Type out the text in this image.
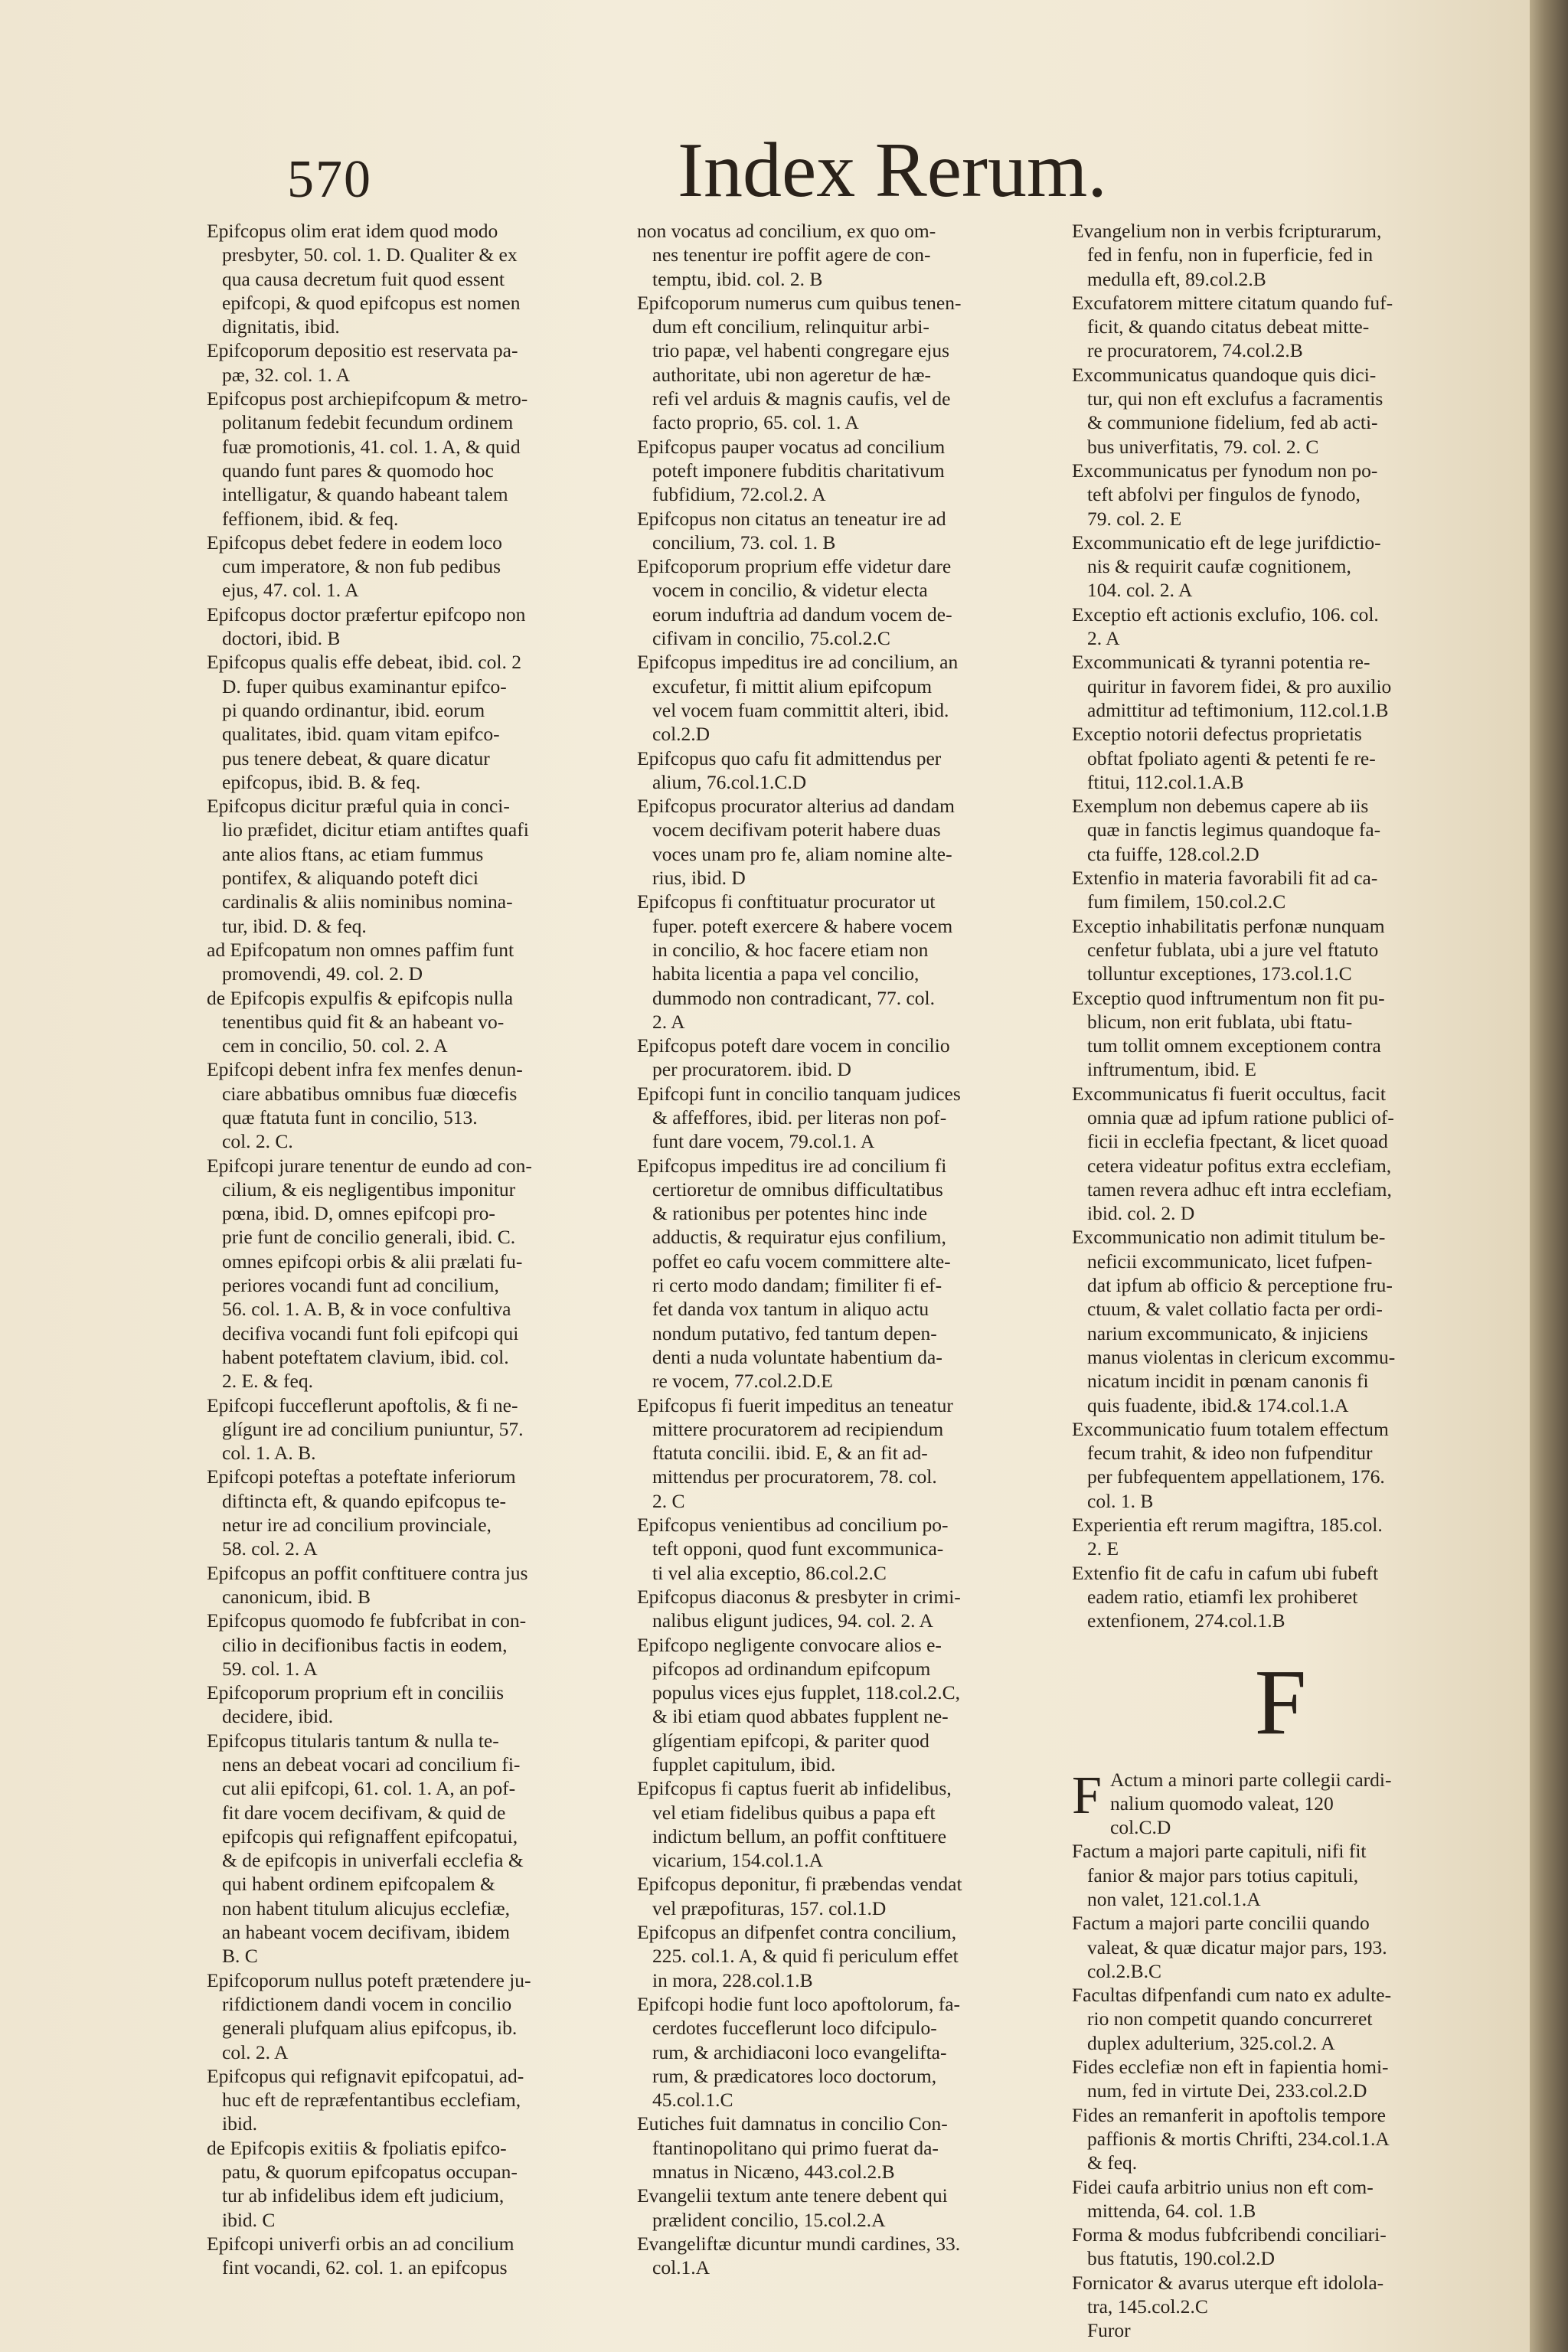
570	Index Rerum.

Epifcopus olim erat idem quod modo
presbyter, 50. col. 1. D. Qualiter & ex
qua causa decretum fuit quod essent
epifcopi, & quod epifcopus est nomen
dignitatis, ibid.

Epifcoporum depositio est reservata pa-
pæ, 32. col. 1. A

Epifcopus post archiepifcopum & metro-
politanum fedebit fecundum ordinem
fuæ promotionis, 41. col. 1. A, & quid
quando funt pares & quomodo hoc
intelligatur, & quando habeant talem
feffionem, ibid. & feq.

Epifcopus debet federe in eodem loco
cum imperatore, & non fub pedibus
ejus, 47. col. 1. A

Epifcopus doctor præfertur epifcopo non
doctori, ibid. B

Epifcopus qualis effe debeat, ibid. col. 2
D. fuper quibus examinantur epifco-
pi quando ordinantur, ibid. eorum
qualitates, ibid. quam vitam epifco-
pus tenere debeat, & quare dicatur
epifcopus, ibid. B. & feq.

Epifcopus dicitur præful quia in conci-
lio præfidet, dicitur etiam antiftes quafi
ante alios ftans, ac etiam fummus
pontifex, & aliquando poteft dici
cardinalis & aliis nominibus nomina-
tur, ibid. D. & feq.

ad Epifcopatum non omnes paffim funt
promovendi, 49. col. 2. D

de Epifcopis expulfis & epifcopis nulla
tenentibus quid fit & an habeant vo-
cem in concilio, 50. col. 2. A

Epifcopi debent infra fex menfes denun-
ciare abbatibus omnibus fuæ diœcefis
quæ ftatuta funt in concilio, 513.
col. 2. C.

Epifcopi jurare tenentur de eundo ad con-
cilium, & eis negligentibus imponitur
pœna, ibid. D, omnes epifcopi pro-
prie funt de concilio generali, ibid. C.
omnes epifcopi orbis & alii prælati fu-
periores vocandi funt ad concilium,
56. col. 1. A. B, & in voce confultiva
decifiva vocandi funt foli epifcopi qui
habent poteftatem clavium, ibid. col.
2. E. & feq.

Epifcopi fucceflerunt apoftolis, & fi ne-
glígunt ire ad concilium puniuntur, 57.
col. 1. A. B.

Epifcopi poteftas a poteftate inferiorum
diftincta eft, & quando epifcopus te-
netur ire ad concilium provinciale,
58. col. 2. A

Epifcopus an poffit conftituere contra jus
canonicum, ibid. B

Epifcopus quomodo fe fubfcribat in con-
cilio in decifionibus factis in eodem,
59. col. 1. A

Epifcoporum proprium eft in conciliis
decidere, ibid.

Epifcopus titularis tantum & nulla te-
nens an debeat vocari ad concilium fi-
cut alii epifcopi, 61. col. 1. A, an pof-
fit dare vocem decifivam, & quid de
epifcopis qui refignaffent epifcopatui,
& de epifcopis in univerfali ecclefia &
qui habent ordinem epifcopalem &
non habent titulum alicujus ecclefiæ,
an habeant vocem decifivam, ibidem
B. C

Epifcoporum nullus poteft prætendere ju-
rifdictionem dandi vocem in concilio
generali plufquam alius epifcopus, ib.
col. 2. A

Epifcopus qui refignavit epifcopatui, ad-
huc eft de repræfentantibus ecclefiam,
ibid.

de Epifcopis exitiis & fpoliatis epifco-
patu, & quorum epifcopatus occupan-
tur ab infidelibus idem eft judicium,
ibid. C

Epifcopi univerfi orbis an ad concilium
fint vocandi, 62. col. 1. an epifcopus

non vocatus ad concilium, ex quo om-
nes tenentur ire poffit agere de con-
temptu, ibid. col. 2. B

Epifcoporum numerus cum quibus tenen-
dum eft concilium, relinquitur arbi-
trio papæ, vel habenti congregare ejus
authoritate, ubi non ageretur de hæ-
refi vel arduis & magnis caufis, vel de
facto proprio, 65. col. 1. A

Epifcopus pauper vocatus ad concilium
poteft imponere fubditis charitativum
fubfidium, 72.col.2. A

Epifcopus non citatus an teneatur ire ad
concilium, 73. col. 1. B

Epifcoporum proprium effe videtur dare
vocem in concilio, & videtur electa
eorum induftria ad dandum vocem de-
cifivam in concilio, 75.col.2.C

Epifcopus impeditus ire ad concilium, an
excufetur, fi mittit alium epifcopum
vel vocem fuam committit alteri, ibid.
col.2.D

Epifcopus quo cafu fit admittendus per
alium, 76.col.1.C.D

Epifcopus procurator alterius ad dandam
vocem decifivam poterit habere duas
voces unam pro fe, aliam nomine alte-
rius, ibid. D

Epifcopus fi conftituatur procurator ut
fuper. poteft exercere & habere vocem
in concilio, & hoc facere etiam non
habita licentia a papa vel concilio,
dummodo non contradicant, 77. col.
2. A

Epifcopus poteft dare vocem in concilio
per procuratorem. ibid. D

Epifcopi funt in concilio tanquam judices
& affeffores, ibid. per literas non pof-
funt dare vocem, 79.col.1. A

Epifcopus impeditus ire ad concilium fi
certioretur de omnibus difficultatibus
& rationibus per potentes hinc inde
adductis, & requiratur ejus confilium,
poffet eo cafu vocem committere alte-
ri certo modo dandam; fimiliter fi ef-
fet danda vox tantum in aliquo actu
nondum putativo, fed tantum depen-
denti a nuda voluntate habentium da-
re vocem, 77.col.2.D.E

Epifcopus fi fuerit impeditus an teneatur
mittere procuratorem ad recipiendum
ftatuta concilii. ibid. E, & an fit ad-
mittendus per procuratorem, 78. col.
2. C

Epifcopus venientibus ad concilium po-
teft opponi, quod funt excommunica-
ti vel alia exceptio, 86.col.2.C

Epifcopus diaconus & presbyter in crimi-
nalibus eligunt judices, 94. col. 2. A

Epifcopo negligente convocare alios e-
pifcopos ad ordinandum epifcopum
populus vices ejus fupplet, 118.col.2.C,
& ibi etiam quod abbates fupplent ne-
glígentiam epifcopi, & pariter quod
fupplet capitulum, ibid.

Epifcopus fi captus fuerit ab infidelibus,
vel etiam fidelibus quibus a papa eft
indictum bellum, an poffit conftituere
vicarium, 154.col.1.A

Epifcopus deponitur, fi præbendas vendat
vel præpofituras, 157. col.1.D

Epifcopus an difpenfet contra concilium,
225. col.1. A, & quid fi periculum effet
in mora, 228.col.1.B

Epifcopi hodie funt loco apoftolorum, fa-
cerdotes fucceflerunt loco difcipulo-
rum, & archidiaconi loco evangelifta-
rum, & prædicatores loco doctorum,
45.col.1.C

Eutiches fuit damnatus in concilio Con-
ftantinopolitano qui primo fuerat da-
mnatus in Nicæno, 443.col.2.B

Evangelii textum ante tenere debent qui
prælident concilio, 15.col.2.A

Evangeliftæ dicuntur mundi cardines, 33.
col.1.A

Evangelium non in verbis fcripturarum,
fed in fenfu, non in fuperficie, fed in
medulla eft, 89.col.2.B

Excufatorem mittere citatum quando fuf-
ficit, & quando citatus debeat mitte-
re procuratorem, 74.col.2.B

Excommunicatus quandoque quis dici-
tur, qui non eft exclufus a facramentis
& communione fidelium, fed ab acti-
bus univerfitatis, 79. col. 2. C

Excommunicatus per fynodum non po-
teft abfolvi per fingulos de fynodo,
79. col. 2. E

Excommunicatio eft de lege jurifdictio-
nis & requirit caufæ cognitionem,
104. col. 2. A

Exceptio eft actionis exclufio, 106. col.
2. A

Excommunicati & tyranni potentia re-
quiritur in favorem fidei, & pro auxilio
admittitur ad teftimonium, 112.col.1.B

Exceptio notorii defectus proprietatis
obftat fpoliato agenti & petenti fe re-
ftitui, 112.col.1.A.B

Exemplum non debemus capere ab iis
quæ in fanctis legimus quandoque fa-
cta fuiffe, 128.col.2.D

Extenfio in materia favorabili fit ad ca-
fum fimilem, 150.col.2.C

Exceptio inhabilitatis perfonæ nunquam
cenfetur fublata, ubi a jure vel ftatuto
tolluntur exceptiones, 173.col.1.C

Exceptio quod inftrumentum non fit pu-
blicum, non erit fublata, ubi ftatu-
tum tollit omnem exceptionem contra
inftrumentum, ibid. E

Excommunicatus fi fuerit occultus, facit
omnia quæ ad ipfum ratione publici of-
ficii in ecclefia fpectant, & licet quoad
cetera videatur pofitus extra ecclefiam,
tamen revera adhuc eft intra ecclefiam,
ibid. col. 2. D

Excommunicatio non adimit titulum be-
neficii excommunicato, licet fufpen-
dat ipfum ab officio & perceptione fru-
ctuum, & valet collatio facta per ordi-
narium excommunicato, & injiciens
manus violentas in clericum excommu-
nicatum incidit in pœnam canonis fi
quis fuadente, ibid.& 174.col.1.A

Excommunicatio fuum totalem effectum
fecum trahit, & ideo non fufpenditur
per fubfequentem appellationem, 176.
col. 1. B

Experientia eft rerum magiftra, 185.col.
2. E

Extenfio fit de cafu in cafum ubi fubeft
eadem ratio, etiamfi lex prohiberet
extenfionem, 274.col.1.B

F

F Actum a minori parte collegii cardi-
nalium quomodo valeat, 120
col.C.D

Factum a majori parte capituli, nifi fit
fanior & major pars totius capituli,
non valet, 121.col.1.A

Factum a majori parte concilii quando
valeat, & quæ dicatur major pars, 193.
col.2.B.C

Facultas difpenfandi cum nato ex adulte-
rio non competit quando concurreret
duplex adulterium, 325.col.2. A

Fides ecclefiæ non eft in fapientia homi-
num, fed in virtute Dei, 233.col.2.D

Fides an remanferit in apoftolis tempore
paffionis & mortis Chrifti, 234.col.1.A
& feq.

Fidei caufa arbitrio unius non eft com-
mittenda, 64. col. 1.B

Forma & modus fubfcribendi conciliari-
bus ftatutis, 190.col.2.D

Fornicator & avarus uterque eft idolola-
tra, 145.col.2.C
Furor
